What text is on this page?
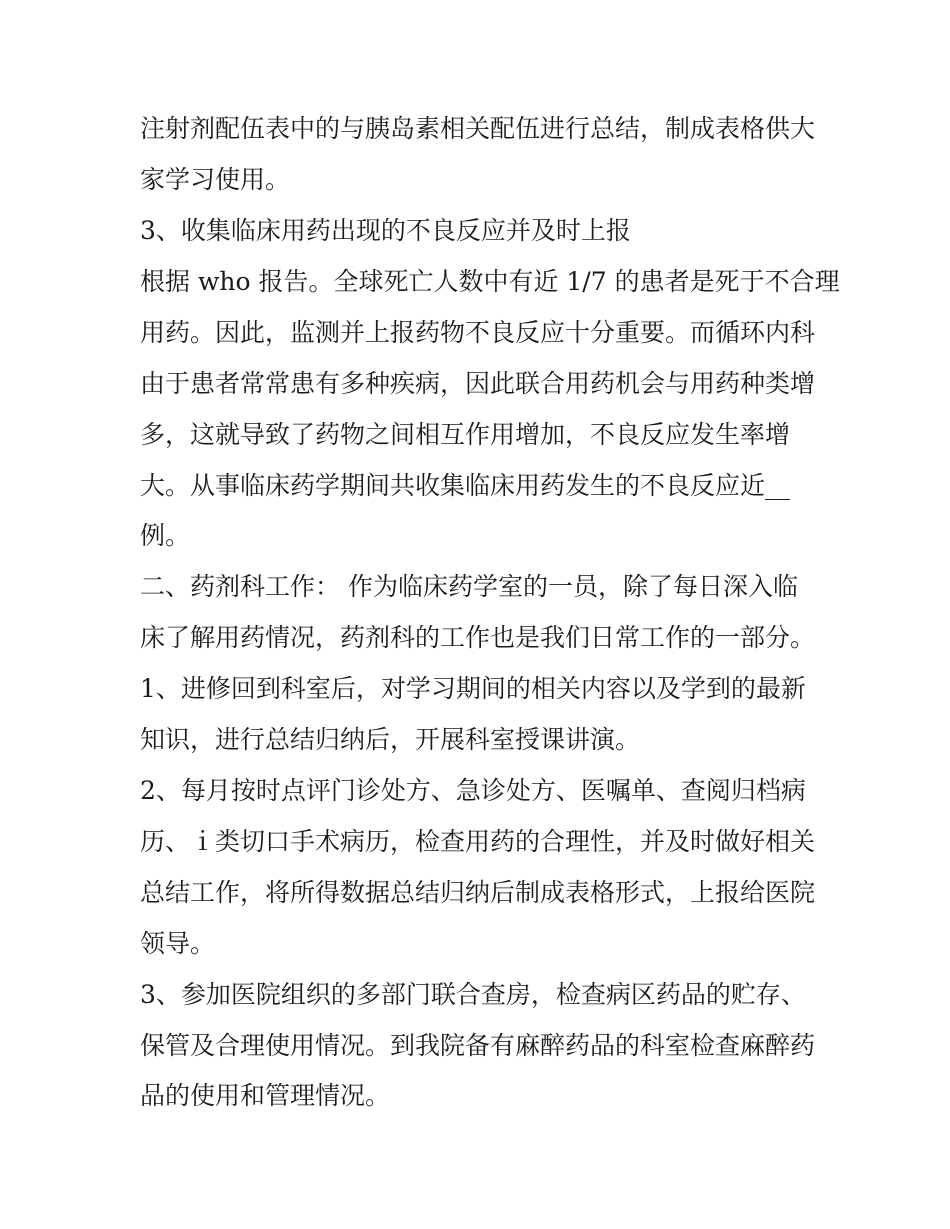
注射剂配伍表中的与胰岛素相关配伍进行总结，制成表格供大
家学习使用。
3、收集临床用药出现的不良反应并及时上报
根据 who 报告。全球死亡人数中有近 1/7 的患者是死于不合理
用药。因此，监测并上报药物不良反应十分重要。而循环内科
由于患者常常患有多种疾病，因此联合用药机会与用药种类增
多，这就导致了药物之间相互作用增加，不良反应发生率增
大。从事临床药学期间共收集临床用药发生的不良反应近__
例。
二、药剂科工作： 作为临床药学室的一员，除了每日深入临
床了解用药情况，药剂科的工作也是我们日常工作的一部分。
1、进修回到科室后，对学习期间的相关内容以及学到的最新
知识，进行总结归纳后，开展科室授课讲演。
2、每月按时点评门诊处方、急诊处方、医嘱单、查阅归档病
历、ｉ类切口手术病历，检查用药的合理性，并及时做好相关
总结工作，将所得数据总结归纳后制成表格形式，上报给医院
领导。
3、参加医院组织的多部门联合查房，检查病区药品的贮存、
保管及合理使用情况。到我院备有麻醉药品的科室检查麻醉药
品的使用和管理情况。
